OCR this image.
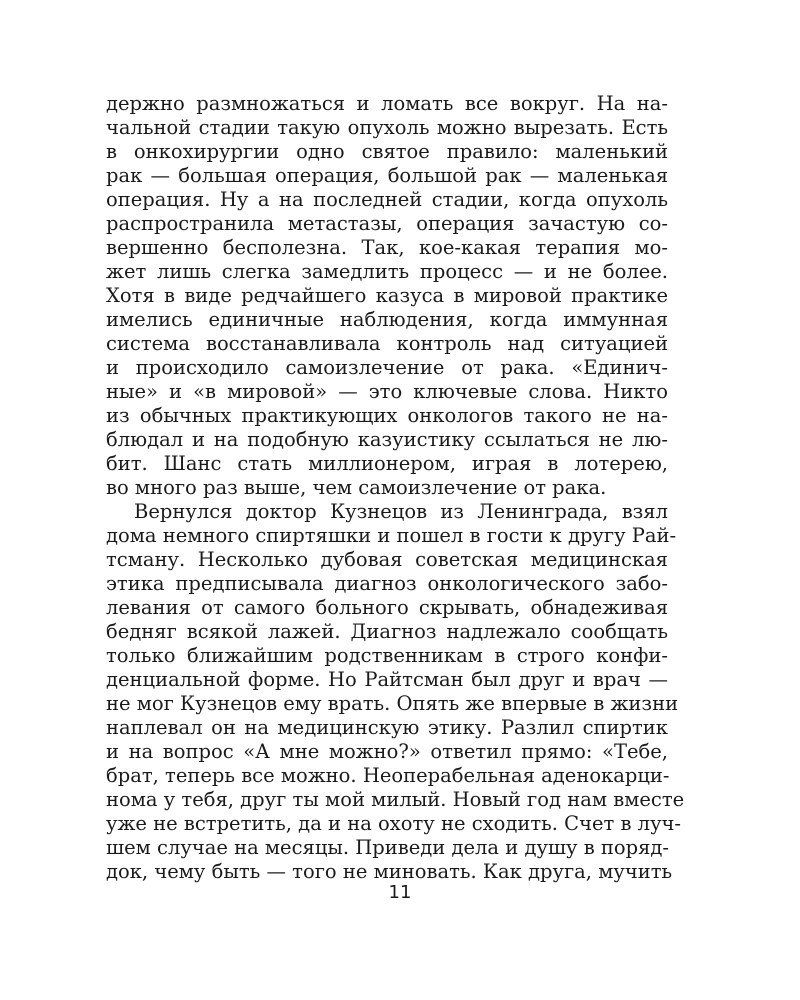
держно размножаться и ломать все вокруг. На на-
чальной стадии такую опухоль можно вырезать. Есть
в онкохирургии одно святое правило: маленький
рак — большая операция, большой рак — маленькая
операция. Ну а на последней стадии, когда опухоль
распространила метастазы, операция зачастую со-
вершенно бесполезна. Так, кое-какая терапия мо-
жет лишь слегка замедлить процесс — и не более.
Хотя в виде редчайшего казуса в мировой практике
имелись единичные наблюдения, когда иммунная
система восстанавливала контроль над ситуацией
и происходило самоизлечение от рака. «Единич-
ные» и «в мировой» — это ключевые слова. Никто
из обычных практикующих онкологов такого не на-
блюдал и на подобную казуистику ссылаться не лю-
бит. Шанс стать миллионером, играя в лотерею,
во много раз выше, чем самоизлечение от рака.
Вернулся доктор Кузнецов из Ленинграда, взял
дома немного спиртяшки и пошел в гости к другу Рай-
тсману. Несколько дубовая советская медицинская
этика предписывала диагноз онкологического забо-
левания от самого больного скрывать, обнадеживая
бедняг всякой лажей. Диагноз надлежало сообщать
только ближайшим родственникам в строго конфи-
денциальной форме. Но Райтсман был друг и врач —
не мог Кузнецов ему врать. Опять же впервые в жизни
наплевал он на медицинскую этику. Разлил спиртик
и на вопрос «А мне можно?» ответил прямо: «Тебе,
брат, теперь все можно. Неоперабельная аденокарци-
нома у тебя, друг ты мой милый. Новый год нам вместе
уже не встретить, да и на охоту не сходить. Счет в луч-
шем случае на месяцы. Приведи дела и душу в поряд-
док, чему быть — того не миновать. Как друга, мучить
11
